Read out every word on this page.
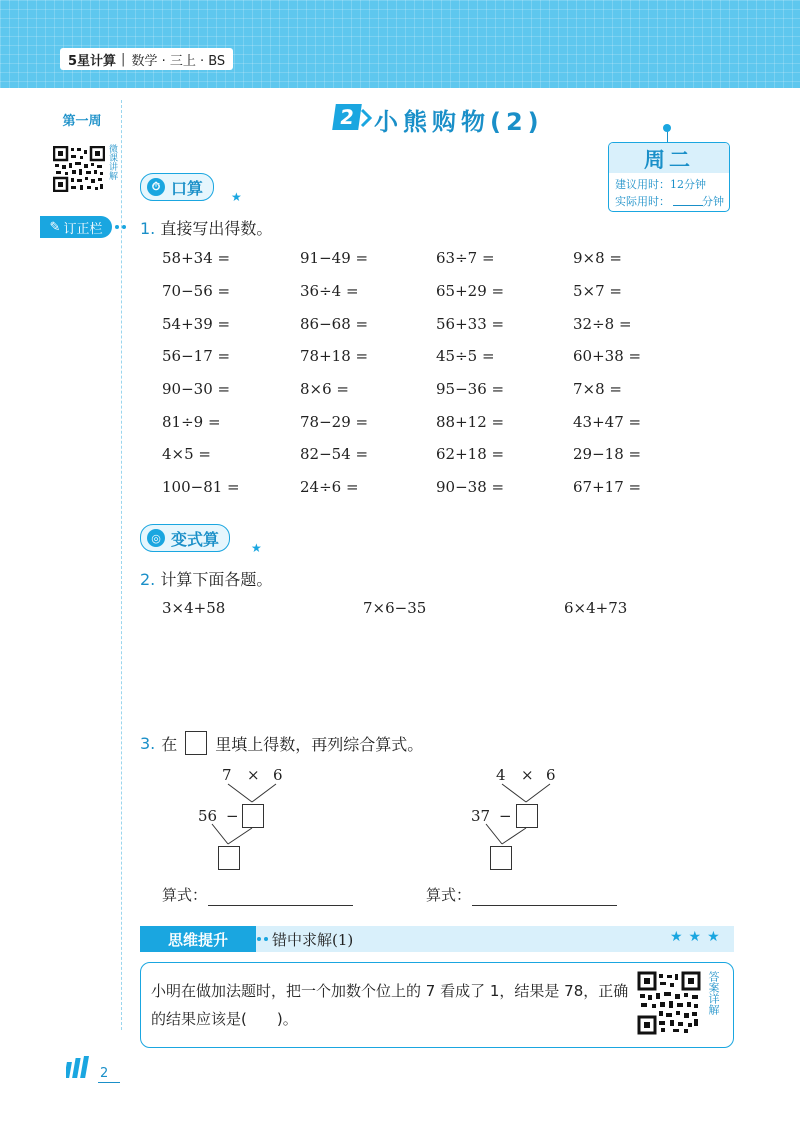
5星计算 | 数学 · 三上 · BS
第一周
微课讲解
✎ 订正栏
2 小熊购物(2)
周二
建议用时：12分钟
实际用时：	分钟
⏱ 口算 ★
1. 直接写出得数。
58+34 =	91−49 =	63÷7 =	9×8 =
70−56 =	36÷4 =	65+29 =	5×7 =
54+39 =	86−68 =	56+33 =	32÷8 =
56−17 =	78+18 =	45÷5 =	60+38 =
90−30 =	8×6 =	95−36 =	7×8 =
81÷9 =	78−29 =	88+12 =	43+47 =
4×5 =	82−54 =	62+18 =	29−18 =
100−81 =	24÷6 =	90−38 =	67+17 =
◎ 变式算	★
2. 计算下面各题。
3×4+58	7×6−35	6×4+73
3. 在 里填上得数，再列综合算式。
7 × 6
56 −
算式：
4 × 6
37 −
算式：
思维提升	错中求解(1)	★★★
小明在做加法题时，把一个加数个位上的 7 看成了 1，结果是 78，正确的结果应该是(　　)。
答案详解
2
